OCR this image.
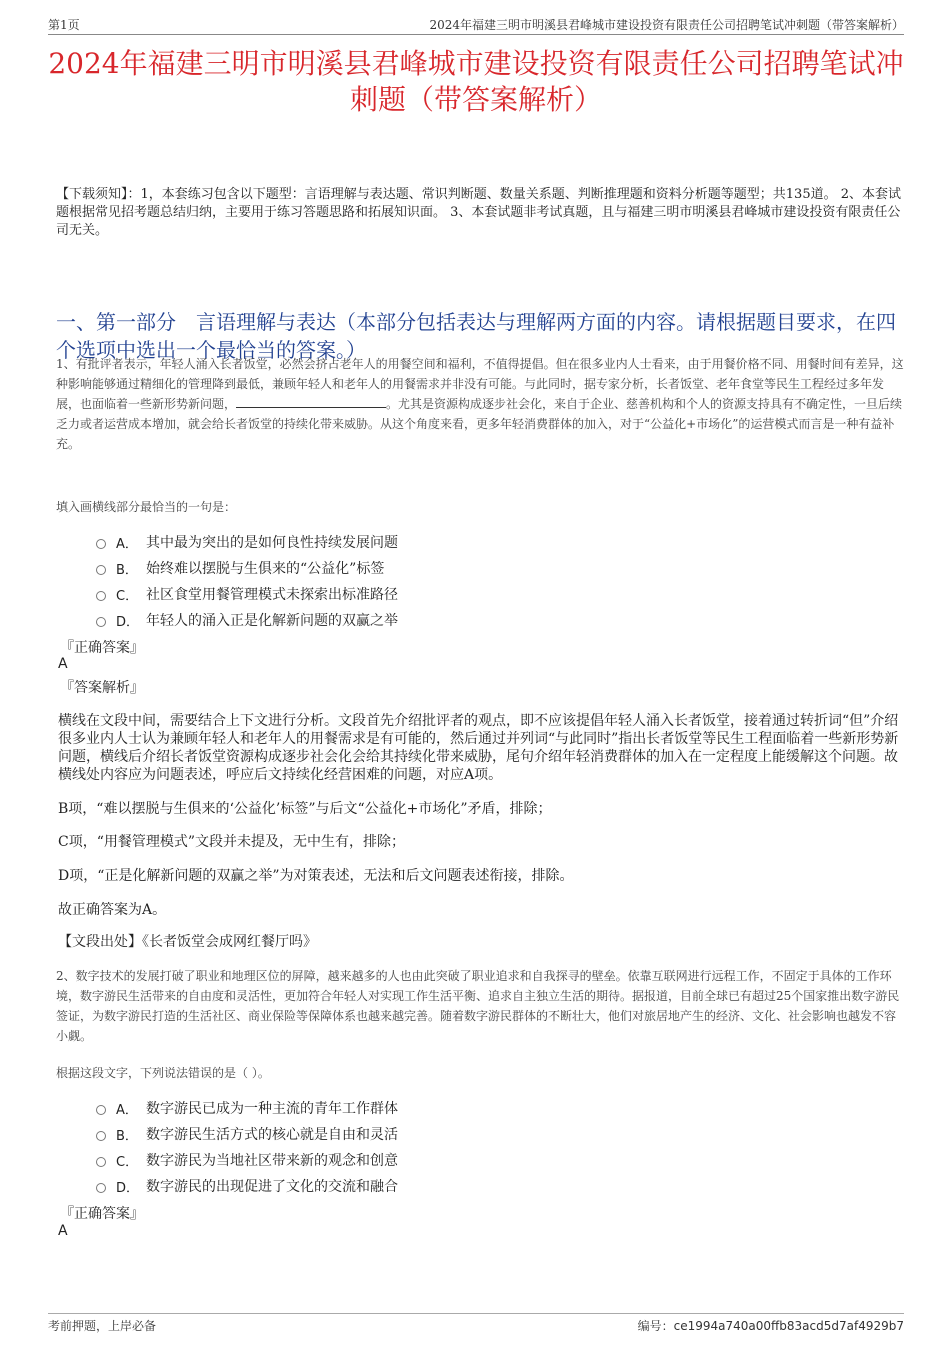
第1页	2024年福建三明市明溪县君峰城市建设投资有限责任公司招聘笔试冲刺题（带答案解析）
2024年福建三明市明溪县君峰城市建设投资有限责任公司招聘笔试冲刺题（带答案解析）
【下载须知】：1，本套练习包含以下题型：言语理解与表达题、常识判断题、数量关系题、判断推理题和资料分析题等题型；共135道。 2、本套试题根据常见招考题总结归纳，主要用于练习答题思路和拓展知识面。 3、本套试题非考试真题，且与福建三明市明溪县君峰城市建设投资有限责任公司无关。
一、第一部分　言语理解与表达（本部分包括表达与理解两方面的内容。请根据题目要求，在四个选项中选出一个最恰当的答案。）
1、有批评者表示，年轻人涌入长者饭堂，必然会挤占老年人的用餐空间和福利，不值得提倡。但在很多业内人士看来，由于用餐价格不同、用餐时间有差异，这种影响能够通过精细化的管理降到最低，兼顾年轻人和老年人的用餐需求并非没有可能。与此同时，据专家分析，长者饭堂、老年食堂等民生工程经过多年发展，也面临着一些新形势新问题，	。尤其是资源构成逐步社会化，来自于企业、慈善机构和个人的资源支持具有不确定性，一旦后续乏力或者运营成本增加，就会给长者饭堂的持续化带来威胁。从这个角度来看，更多年轻消费群体的加入，对于“公益化+市场化”的运营模式而言是一种有益补充。
填入画横线部分最恰当的一句是：
A． 其中最为突出的是如何良性持续发展问题
B． 始终难以摆脱与生俱来的“公益化”标签
C． 社区食堂用餐管理模式未探索出标准路径
D． 年轻人的涌入正是化解新问题的双赢之举
『正确答案』
A
『答案解析』
横线在文段中间，需要结合上下文进行分析。文段首先介绍批评者的观点，即不应该提倡年轻人涌入长者饭堂，接着通过转折词“但”介绍很多业内人士认为兼顾年轻人和老年人的用餐需求是有可能的，然后通过并列词“与此同时”指出长者饭堂等民生工程面临着一些新形势新问题，横线后介绍长者饭堂资源构成逐步社会化会给其持续化带来威胁，尾句介绍年轻消费群体的加入在一定程度上能缓解这个问题。故横线处内容应为问题表述，呼应后文持续化经营困难的问题，对应A项。
B项，“难以摆脱与生俱来的‘公益化’标签”与后文“公益化+市场化”矛盾，排除；
C项，“用餐管理模式”文段并未提及，无中生有，排除；
D项，“正是化解新问题的双赢之举”为对策表述，无法和后文问题表述衔接，排除。
故正确答案为A。
【文段出处】《长者饭堂会成网红餐厅吗》
2、数字技术的发展打破了职业和地理区位的屏障，越来越多的人也由此突破了职业追求和自我探寻的壁垒。依靠互联网进行远程工作，不固定于具体的工作环境，数字游民生活带来的自由度和灵活性，更加符合年轻人对实现工作生活平衡、追求自主独立生活的期待。据报道，目前全球已有超过25个国家推出数字游民签证，为数字游民打造的生活社区、商业保险等保障体系也越来越完善。随着数字游民群体的不断壮大，他们对旅居地产生的经济、文化、社会影响也越发不容小觑。
根据这段文字，下列说法错误的是（ ）。
A． 数字游民已成为一种主流的青年工作群体
B． 数字游民生活方式的核心就是自由和灵活
C． 数字游民为当地社区带来新的观念和创意
D． 数字游民的出现促进了文化的交流和融合
『正确答案』
A
考前押题，上岸必备	编号：ce1994a740a00ffb83acd5d7af4929b7
